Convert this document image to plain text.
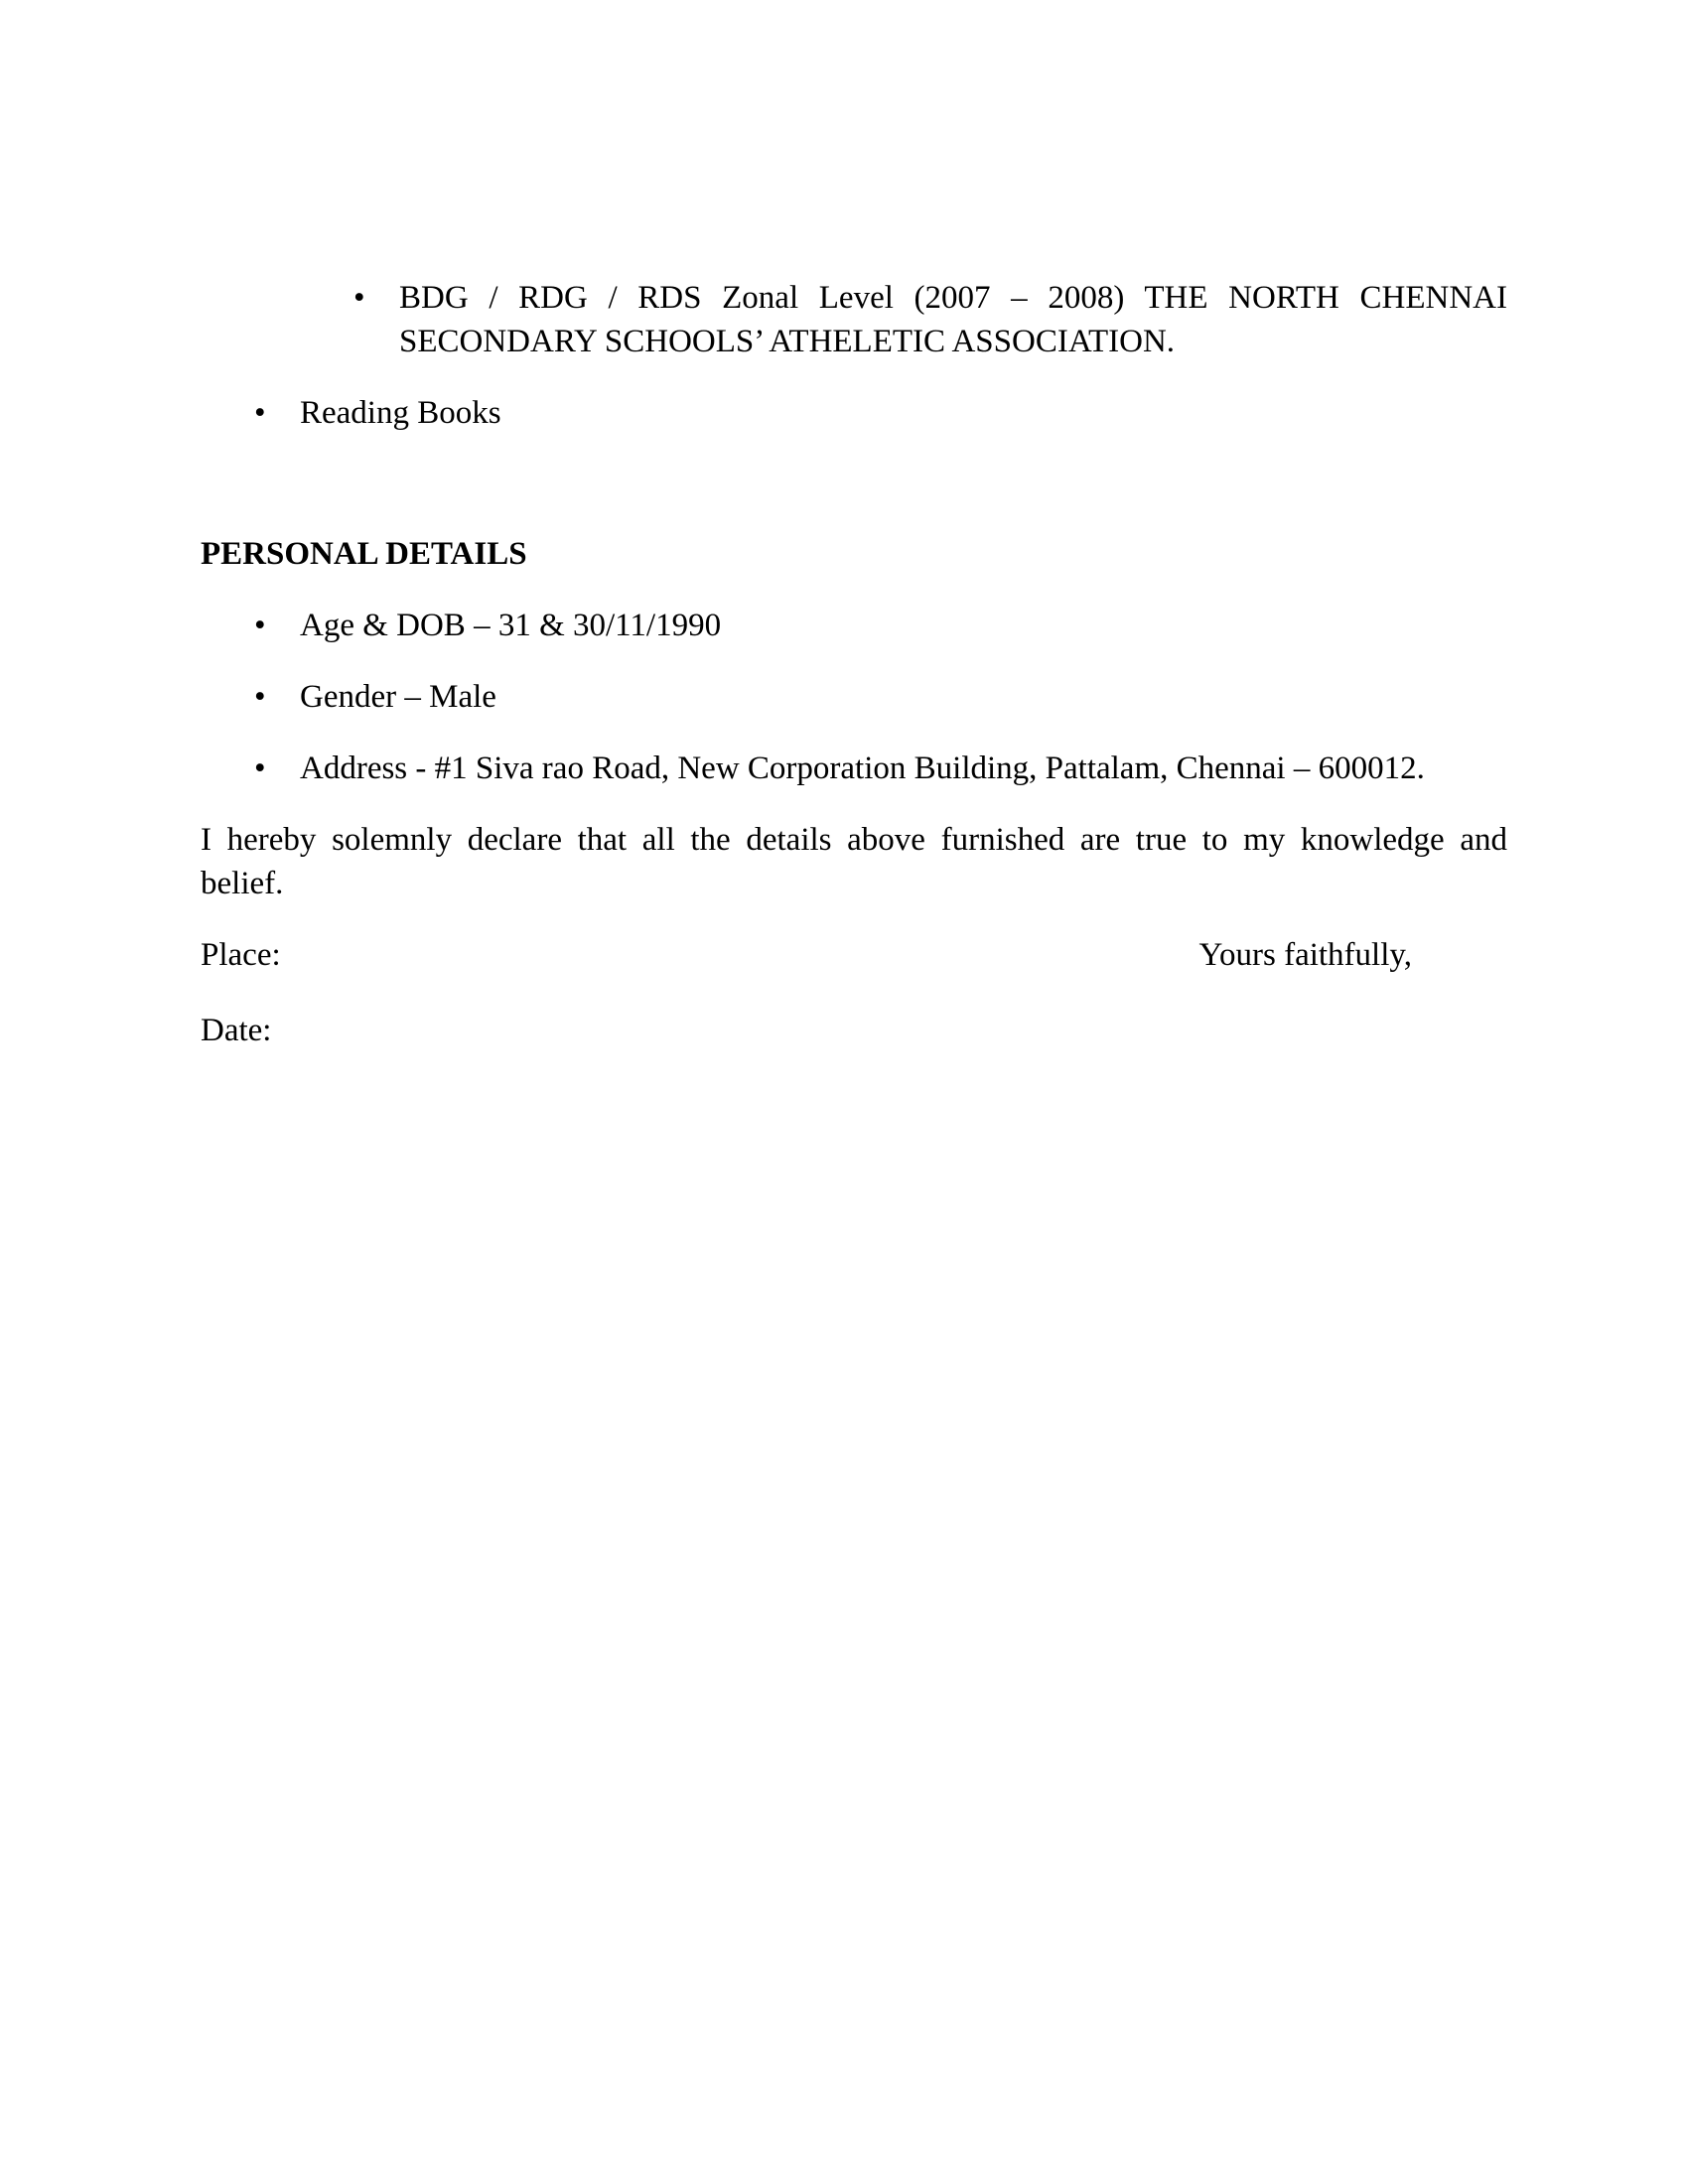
• BDG / RDG / RDS Zonal Level (2007 – 2008) THE NORTH CHENNAI
SECONDARY SCHOOLS’ ATHELETIC ASSOCIATION.
• Reading Books
PERSONAL DETAILS
• Age & DOB – 31 & 30/11/1990
• Gender – Male
• Address - #1 Siva rao Road, New Corporation Building, Pattalam, Chennai – 600012.
I hereby solemnly declare that all the details above furnished are true to my knowledge and
belief.
Place:	Yours faithfully,
Date:
